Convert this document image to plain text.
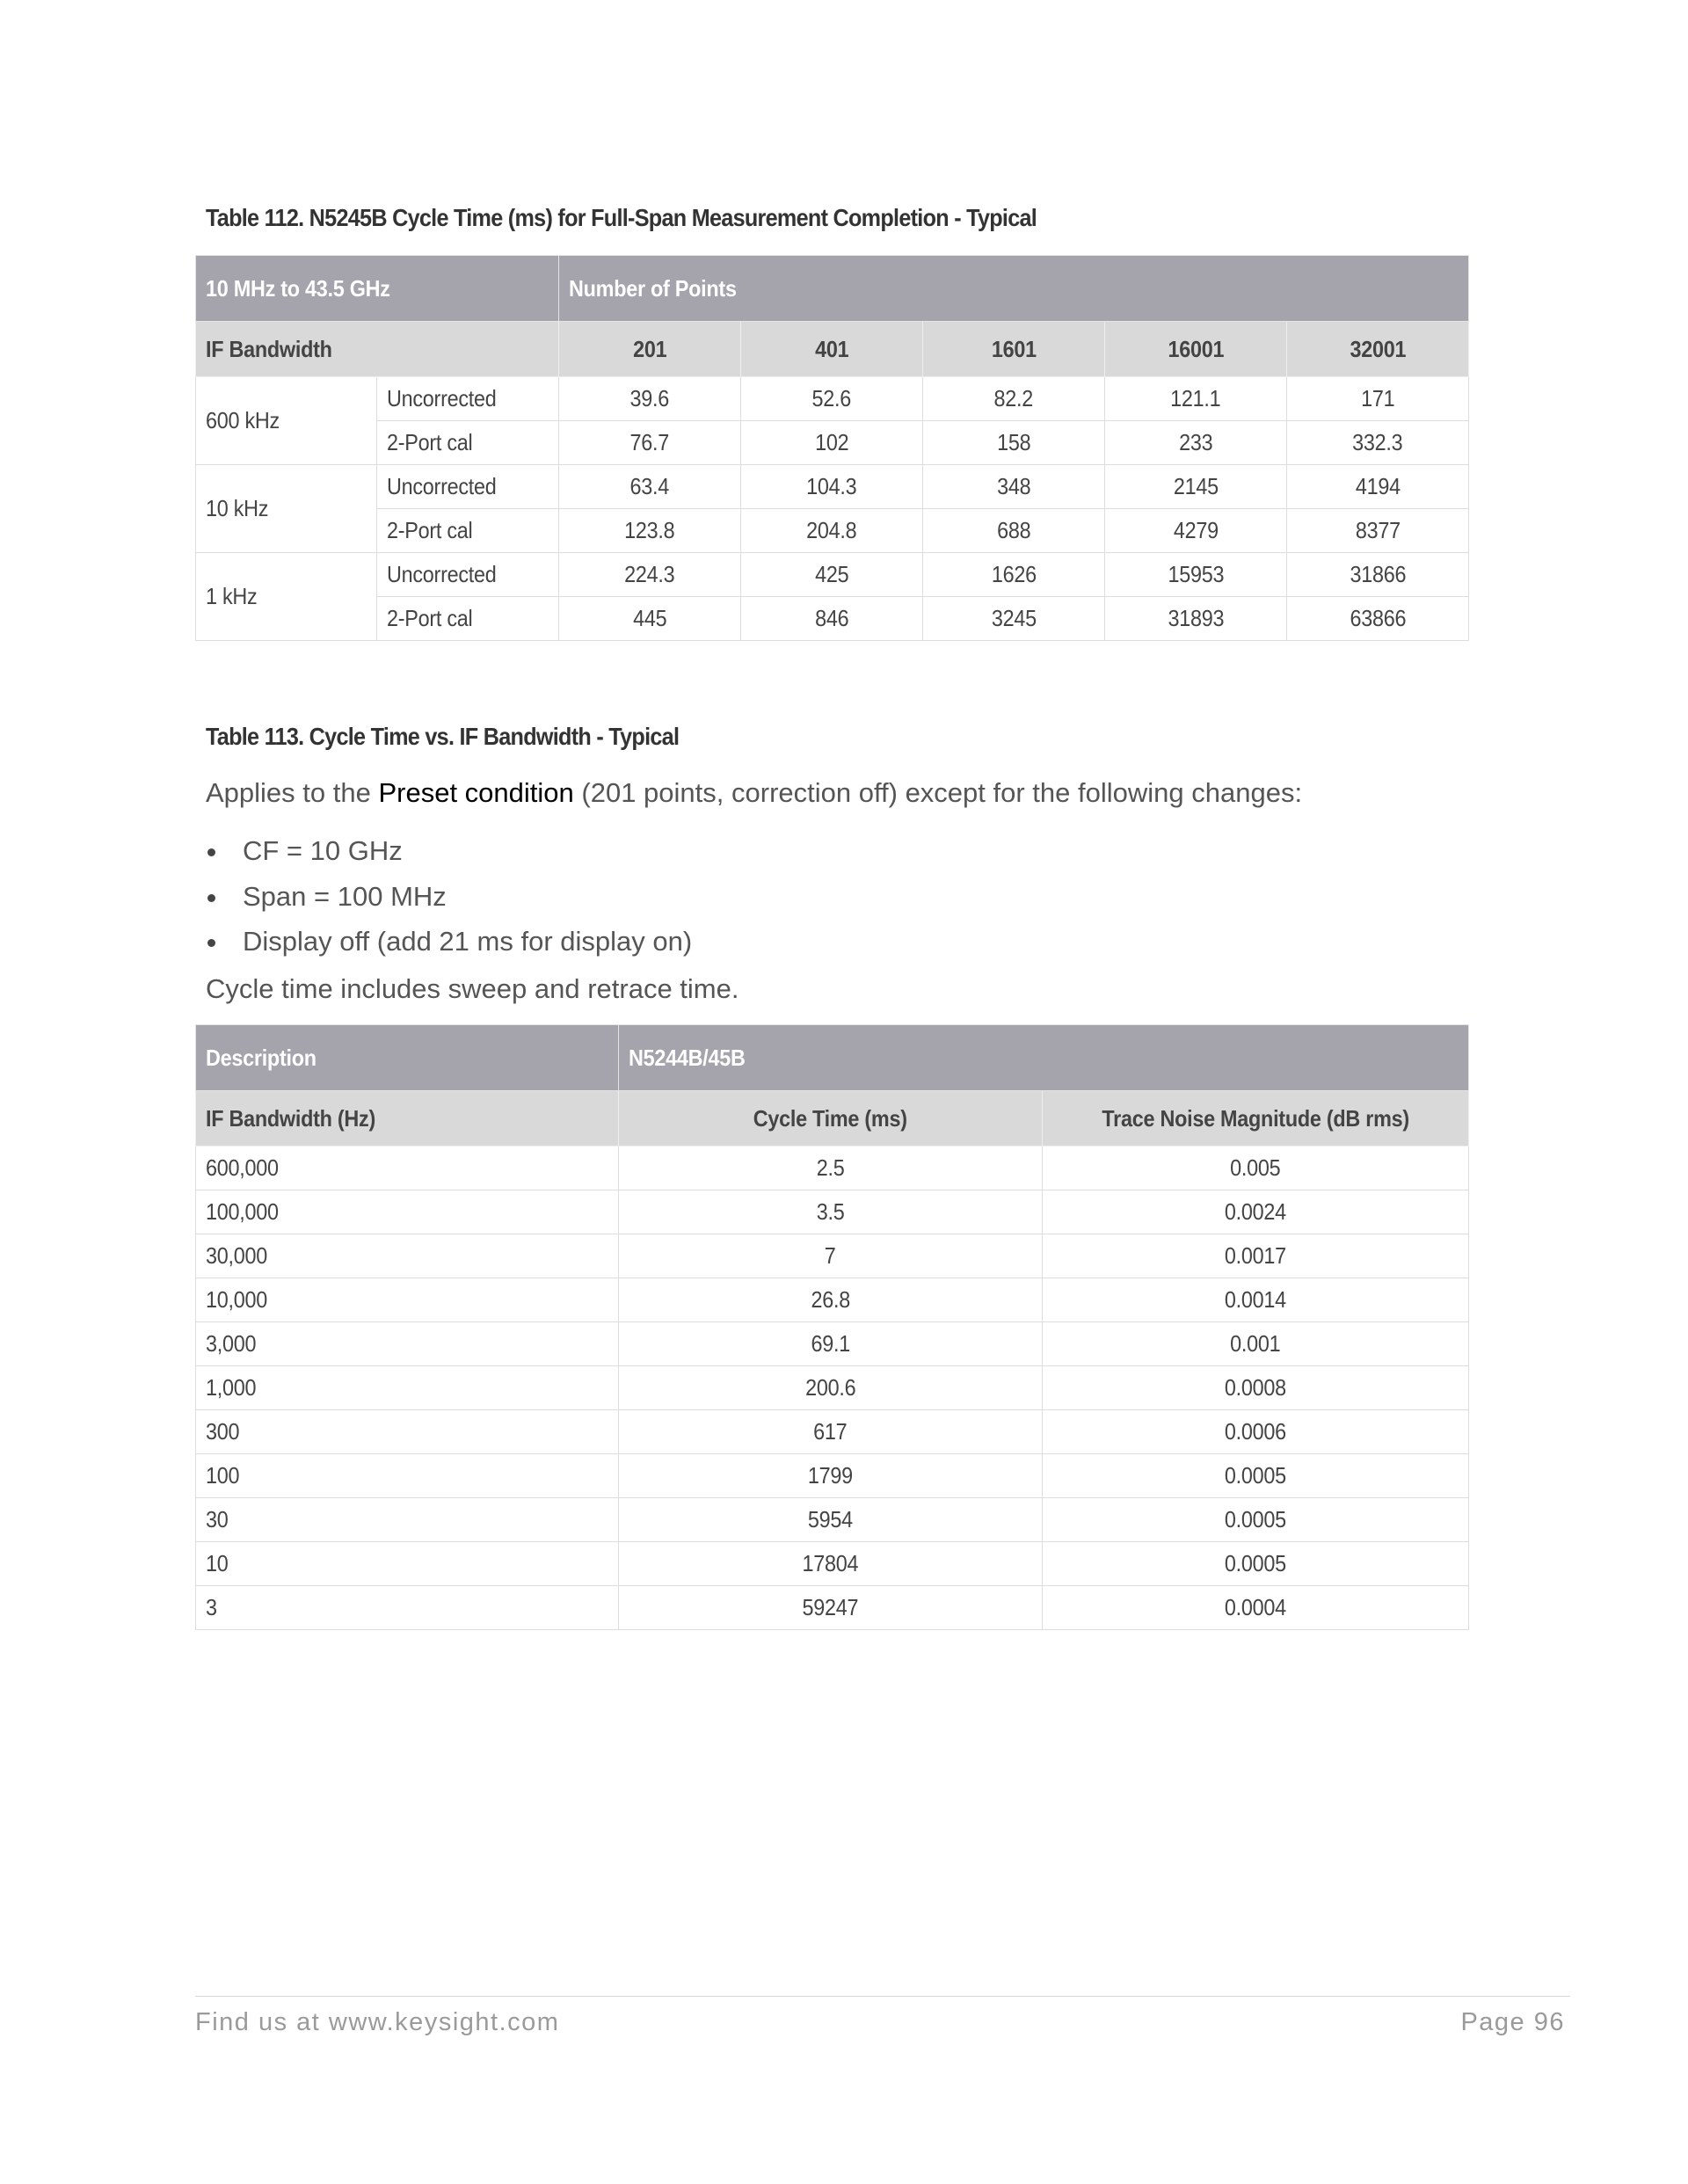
Table 112. N5245B Cycle Time (ms) for Full-Span Measurement Completion - Typical
10 MHz to 43.5 GHz		Number of Points				
IF Bandwidth		201	401	1601	16001	32001
600 kHz	Uncorrected	39.6	52.6	82.2	121.1	171
	2-Port cal	76.7	102	158	233	332.3
10 kHz	Uncorrected	63.4	104.3	348	2145	4194
	2-Port cal	123.8	204.8	688	4279	8377
1 kHz	Uncorrected	224.3	425	1626	15953	31866
	2-Port cal	445	846	3245	31893	63866
Table 113. Cycle Time vs. IF Bandwidth - Typical
Applies to the Preset condition (201 points, correction off) except for the following changes:
CF = 10 GHz
Span = 100 MHz
Display off (add 21 ms for display on)
Cycle time includes sweep and retrace time.
Description	N5244B/45B	
IF Bandwidth (Hz)	Cycle Time (ms)	Trace Noise Magnitude (dB rms)
600,000	2.5	0.005
100,000	3.5	0.0024
30,000	7	0.0017
10,000	26.8	0.0014
3,000	69.1	0.001
1,000	200.6	0.0008
300	617	0.0006
100	1799	0.0005
30	5954	0.0005
10	17804	0.0005
3	59247	0.0004
Find us at www.keysight.com	Page 96
